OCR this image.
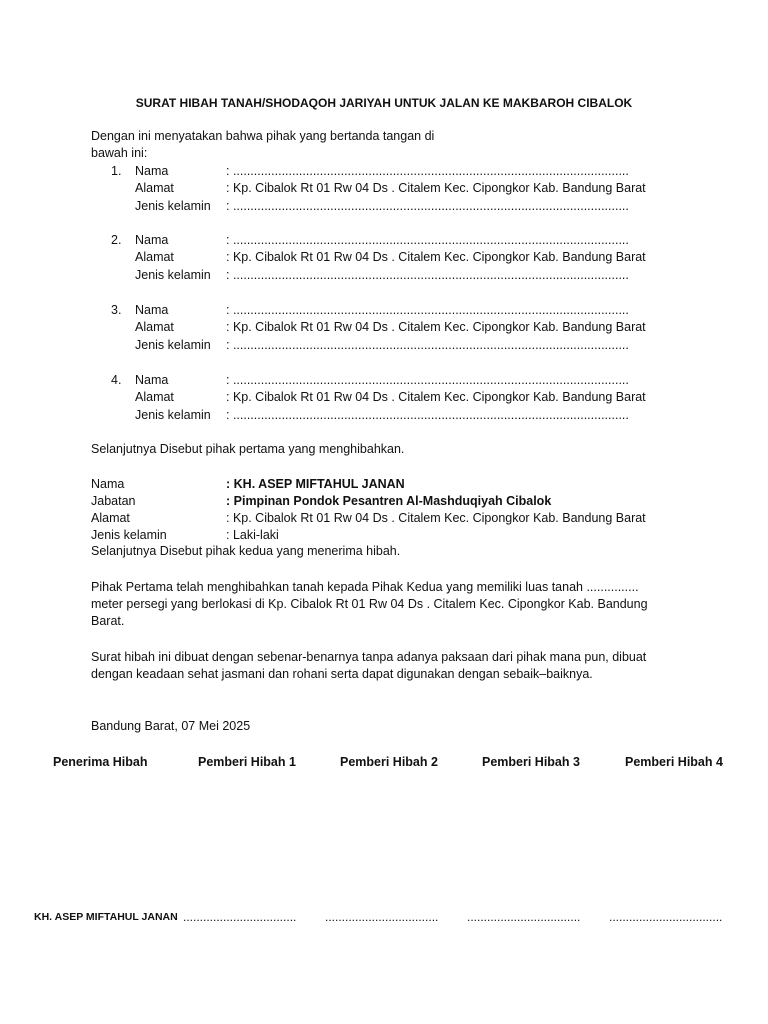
SURAT HIBAH TANAH/SHODAQOH JARIYAH UNTUK JALAN KE MAKBAROH CIBALOK
Dengan ini menyatakan bahwa pihak yang bertanda tangan di
bawah ini:
1. Nama	: ..................................................................................................................
Alamat	: Kp. Cibalok Rt 01 Rw 04 Ds . Citalem Kec. Cipongkor Kab. Bandung Barat
Jenis kelamin : ..................................................................................................................
2. Nama	: ..................................................................................................................
Alamat	: Kp. Cibalok Rt 01 Rw 04 Ds . Citalem Kec. Cipongkor Kab. Bandung Barat
Jenis kelamin : ..................................................................................................................
3. Nama	: ..................................................................................................................
Alamat	: Kp. Cibalok Rt 01 Rw 04 Ds . Citalem Kec. Cipongkor Kab. Bandung Barat
Jenis kelamin : ..................................................................................................................
4. Nama	: ..................................................................................................................
Alamat	: Kp. Cibalok Rt 01 Rw 04 Ds . Citalem Kec. Cipongkor Kab. Bandung Barat
Jenis kelamin : ..................................................................................................................
Selanjutnya Disebut pihak pertama yang menghibahkan.
Nama	: KH. ASEP MIFTAHUL JANAN
Jabatan	: Pimpinan Pondok Pesantren Al-Mashduqiyah Cibalok
Alamat	: Kp. Cibalok Rt 01 Rw 04 Ds . Citalem Kec. Cipongkor Kab. Bandung Barat
Jenis kelamin	: Laki-laki
Selanjutnya Disebut pihak kedua yang menerima hibah.
Pihak Pertama telah menghibahkan tanah kepada Pihak Kedua yang memiliki luas tanah ...............
meter persegi yang berlokasi di Kp. Cibalok Rt 01 Rw 04 Ds . Citalem Kec. Cipongkor Kab. Bandung
Barat.
Surat hibah ini dibuat dengan sebenar-benarnya tanpa adanya paksaan dari pihak mana pun, dibuat
dengan keadaan sehat jasmani dan rohani serta dapat digunakan dengan sebaik–baiknya.
Bandung Barat, 07 Mei 2025
Penerima Hibah	Pemberi Hibah 1	Pemberi Hibah 2	Pemberi Hibah 3	Pemberi Hibah 4
KH. ASEP MIFTAHUL JANAN .................................. .................................. .................................. ..................................
